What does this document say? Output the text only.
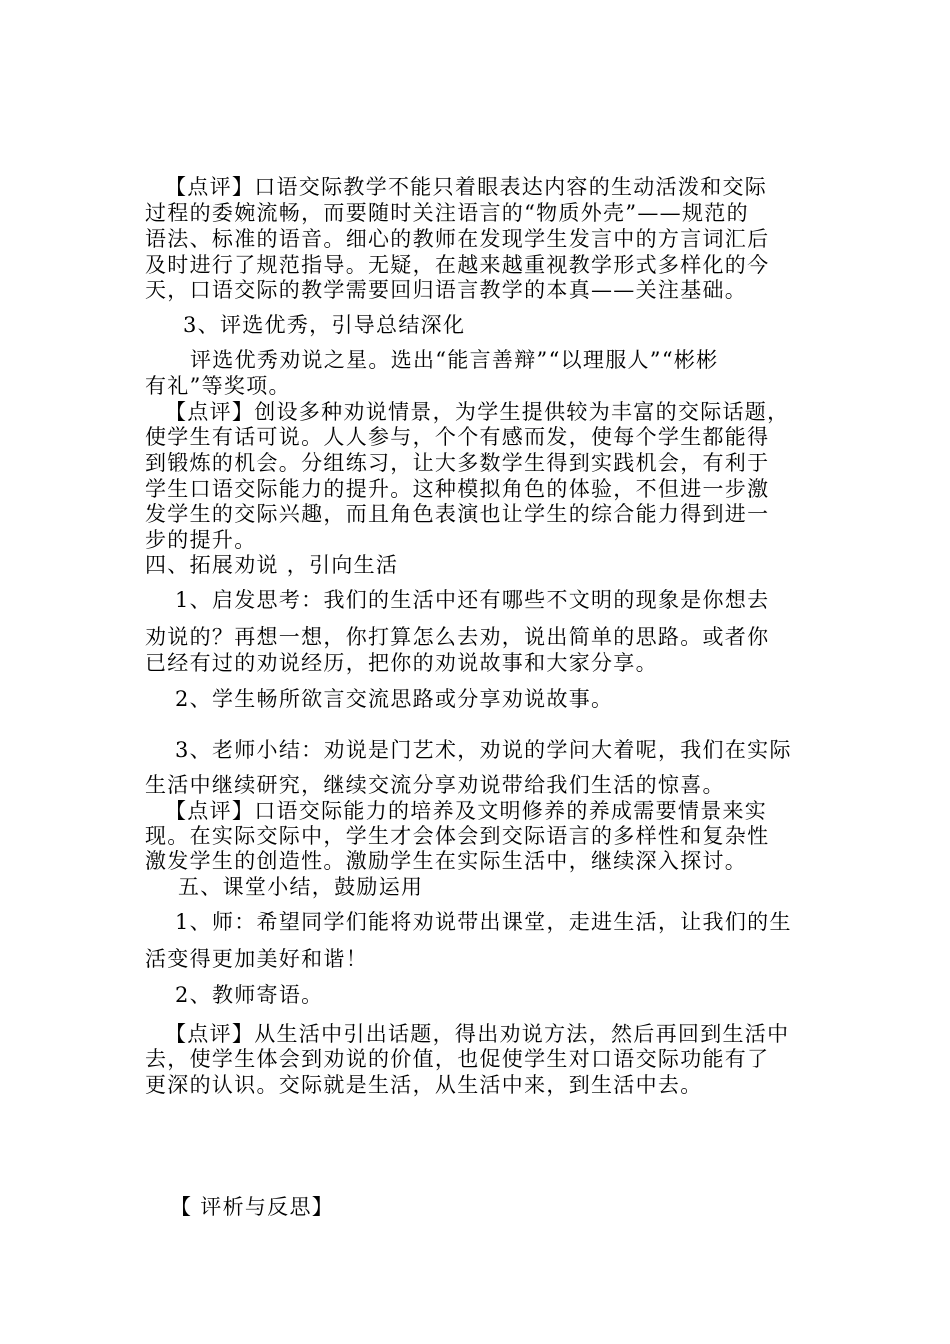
【点评】口语交际教学不能只着眼表达内容的生动活泼和交际
过程的委婉流畅，而要随时关注语言的“物质外壳”——规范的
语法、标准的语音。细心的教师在发现学生发言中的方言词汇后
及时进行了规范指导。无疑，在越来越重视教学形式多样化的今
天，口语交际的教学需要回归语言教学的本真——关注基础。
3、评选优秀，引导总结深化
评选优秀劝说之星。选出“能言善辩”“以理服人”“彬彬
有礼”等奖项。
【点评】创设多种劝说情景，为学生提供较为丰富的交际话题，
使学生有话可说。人人参与，个个有感而发，使每个学生都能得
到锻炼的机会。分组练习，让大多数学生得到实践机会，有利于
学生口语交际能力的提升。这种模拟角色的体验，不但进一步激
发学生的交际兴趣，而且角色表演也让学生的综合能力得到进一
步的提升。
四、拓展劝说 ，引向生活
1、启发思考：我们的生活中还有哪些不文明的现象是你想去
劝说的？再想一想，你打算怎么去劝，说出简单的思路。或者你
已经有过的劝说经历，把你的劝说故事和大家分享。
2、学生畅所欲言交流思路或分享劝说故事。
3、老师小结：劝说是门艺术，劝说的学问大着呢，我们在实际
生活中继续研究，继续交流分享劝说带给我们生活的惊喜。
【点评】口语交际能力的培养及文明修养的养成需要情景来实
现。在实际交际中，学生才会体会到交际语言的多样性和复杂性
激发学生的创造性。激励学生在实际生活中，继续深入探讨。
五、课堂小结，鼓励运用
1、师：希望同学们能将劝说带出课堂，走进生活，让我们的生
活变得更加美好和谐！
2、教师寄语。
【点评】从生活中引出话题，得出劝说方法，然后再回到生活中
去，使学生体会到劝说的价值，也促使学生对口语交际功能有了
更深的认识。交际就是生活，从生活中来，到生活中去。
【 评析与反思】
